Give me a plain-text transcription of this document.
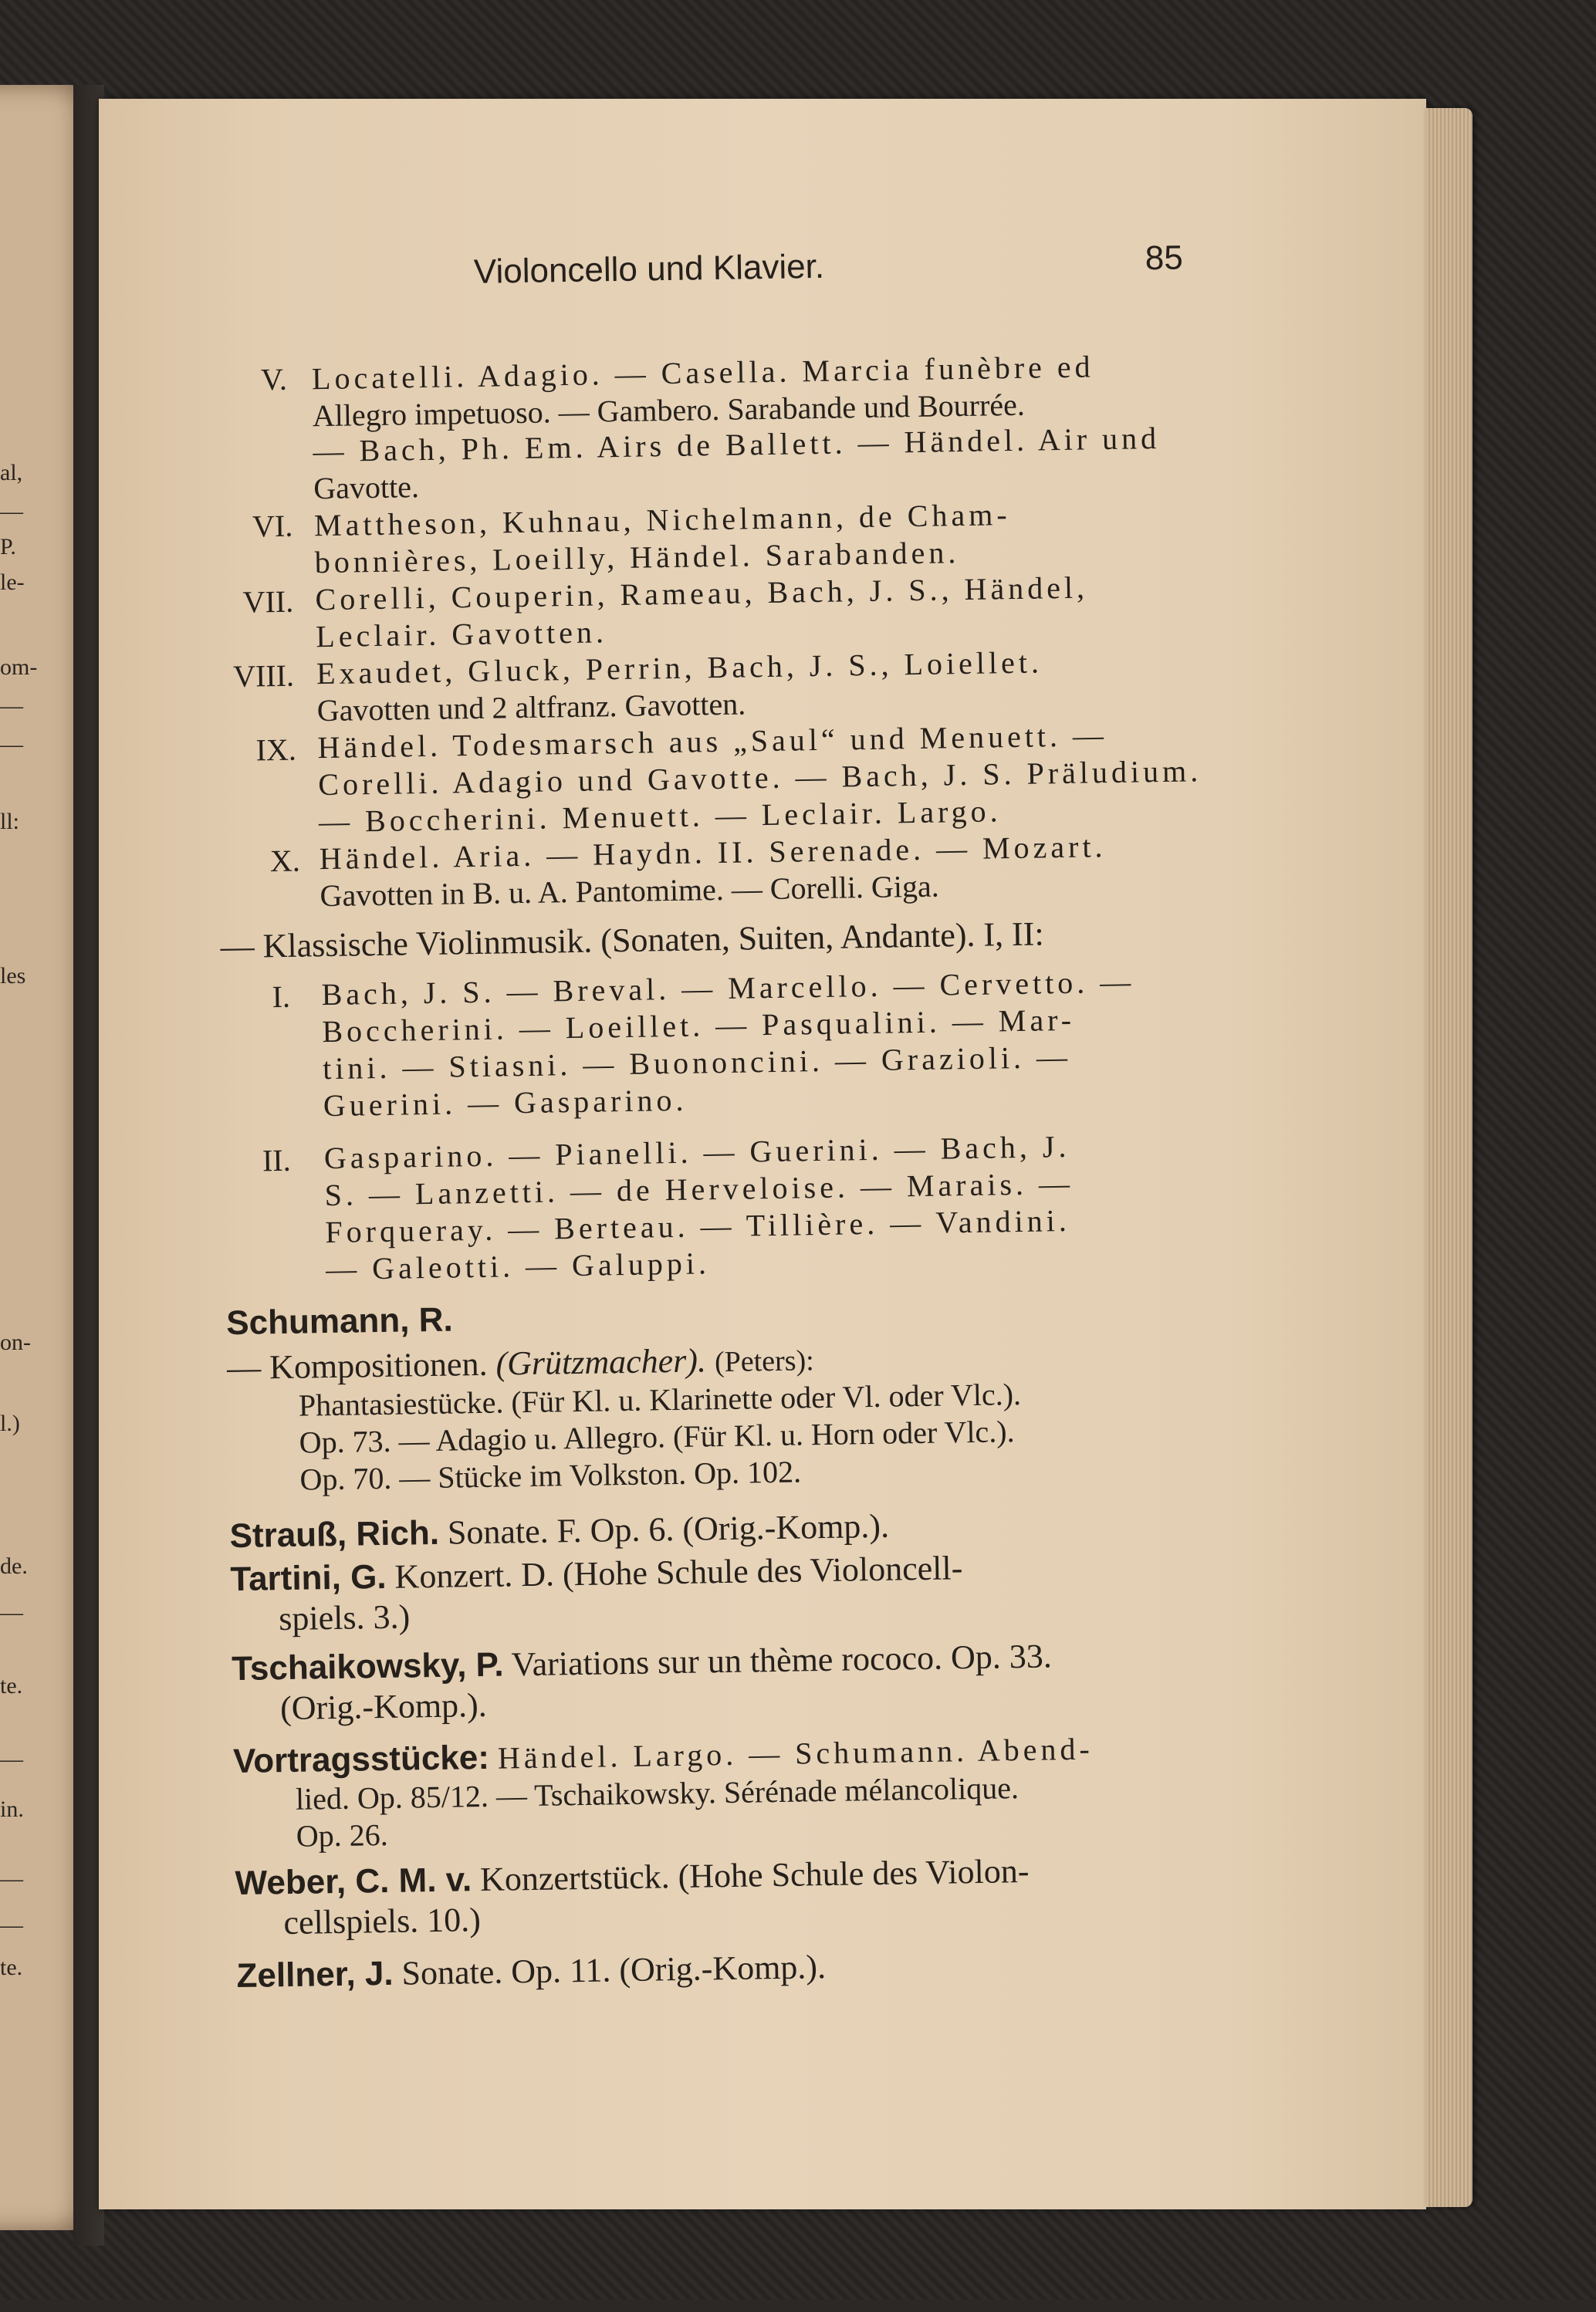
al,
—
P.
le-
om-
—
—
ll:
les
on-
l.)
de.
—
te.
—
in.
—
—
te.
Violoncello und Klavier.	85
V. Locatelli. Adagio. — Casella. Marcia funèbre ed
Allegro impetuoso. — Gambero. Sarabande und Bourrée.
— Bach, Ph. Em. Airs de Ballett. — Händel. Air und
Gavotte.
VI. Mattheson, Kuhnau, Nichelmann, de Cham-
bonnières, Loeilly, Händel. Sarabanden.
VII. Corelli, Couperin, Rameau, Bach, J. S., Händel,
Leclair. Gavotten.
VIII. Exaudet, Gluck, Perrin, Bach, J. S., Loiellet.
Gavotten und 2 altfranz. Gavotten.
IX. Händel. Todesmarsch aus „Saul“ und Menuett. —
Corelli. Adagio und Gavotte. — Bach, J. S. Präludium.
— Boccherini. Menuett. — Leclair. Largo.
X. Händel. Aria. — Haydn. II. Serenade. — Mozart.
Gavotten in B. u. A. Pantomime. — Corelli. Giga.
— Klassische Violinmusik. (Sonaten, Suiten, Andante). I, II:
I. Bach, J. S. — Breval. — Marcello. — Cervetto. —
Boccherini. — Loeillet. — Pasqualini. — Mar-
tini. — Stiasni. — Buononcini. — Grazioli. —
Guerini. — Gasparino.
II. Gasparino. — Pianelli. — Guerini. — Bach, J.
S. — Lanzetti. — de Herveloise. — Marais. —
Forqueray. — Berteau. — Tillière. — Vandini.
— Galeotti. — Galuppi.
Schumann, R.
— Kompositionen. (Grützmacher). (Peters):
Phantasiestücke. (Für Kl. u. Klarinette oder Vl. oder Vlc.).
Op. 73. — Adagio u. Allegro. (Für Kl. u. Horn oder Vlc.).
Op. 70. — Stücke im Volkston. Op. 102.
Strauß, Rich. Sonate. F. Op. 6. (Orig.-Komp.).
Tartini, G. Konzert. D. (Hohe Schule des Violoncell-
spiels. 3.)
Tschaikowsky, P. Variations sur un thème rococo. Op. 33.
(Orig.-Komp.).
Vortragsstücke: Händel. Largo. — Schumann. Abend-
lied. Op. 85/12. — Tschaikowsky. Sérénade mélancolique.
Op. 26.
Weber, C. M. v. Konzertstück. (Hohe Schule des Violon-
cellspiels. 10.)
Zellner, J. Sonate. Op. 11. (Orig.-Komp.).
